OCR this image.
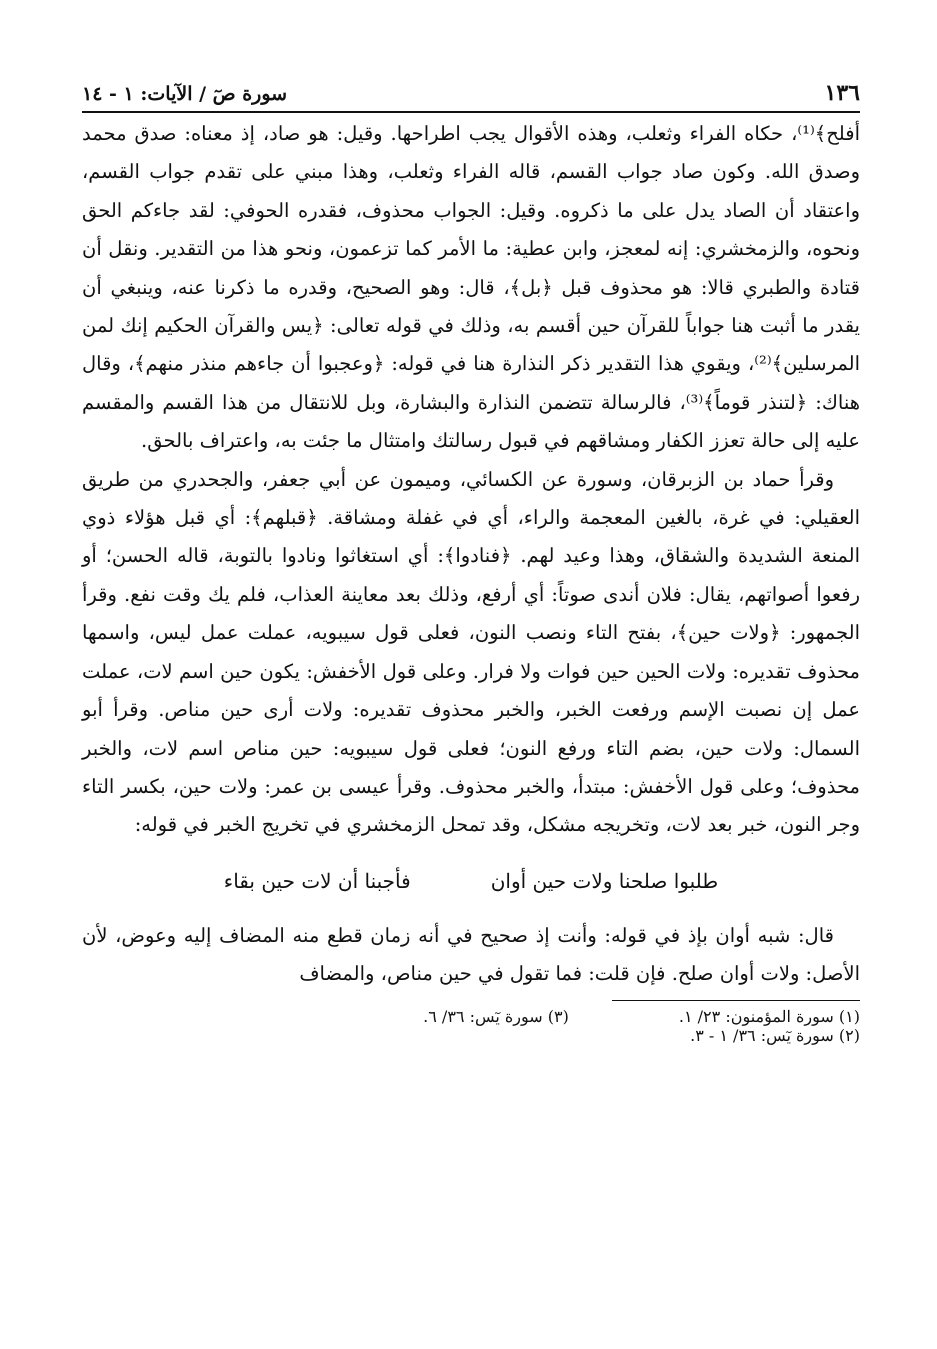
١٣٦
سورة صٓ / الآيات: ١ - ١٤

أفلح﴾⁽¹⁾، حكاه الفراء وثعلب، وهذه الأقوال يجب اطراحها. وقيل: هو صاد، إذ معناه: صدق محمد وصدق الله. وكون صاد جواب القسم، قاله الفراء وثعلب، وهذا مبني على تقدم جواب القسم، واعتقاد أن الصاد يدل على ما ذكروه. وقيل: الجواب محذوف، فقدره الحوفي: لقد جاءكم الحق ونحوه، والزمخشري: إنه لمعجز، وابن عطية: ما الأمر كما تزعمون، ونحو هذا من التقدير. ونقل أن قتادة والطبري قالا: هو محذوف قبل ﴿بل﴾، قال: وهو الصحيح، وقدره ما ذكرنا عنه، وينبغي أن يقدر ما أثبت هنا جواباً للقرآن حين أقسم به، وذلك في قوله تعالى: ﴿يس والقرآن الحكيم إنك لمن المرسلين﴾⁽²⁾، ويقوي هذا التقدير ذكر النذارة هنا في قوله: ﴿وعجبوا أن جاءهم منذر منهم﴾، وقال هناك: ﴿لتنذر قوماً﴾⁽³⁾، فالرسالة تتضمن النذارة والبشارة، وبل للانتقال من هذا القسم والمقسم عليه إلى حالة تعزز الكفار ومشاقهم في قبول رسالتك وامتثال ما جئت به، واعتراف بالحق.

وقرأ حماد بن الزبرقان، وسورة عن الكسائي، وميمون عن أبي جعفر، والجحدري من طريق العقيلي: في غرة، بالغين المعجمة والراء، أي في غفلة ومشاقة. ﴿قبلهم﴾: أي قبل هؤلاء ذوي المنعة الشديدة والشقاق، وهذا وعيد لهم. ﴿فنادوا﴾: أي استغاثوا ونادوا بالتوبة، قاله الحسن؛ أو رفعوا أصواتهم، يقال: فلان أندى صوتاً: أي أرفع، وذلك بعد معاينة العذاب، فلم يك وقت نفع. وقرأ الجمهور: ﴿ولات حين﴾، بفتح التاء ونصب النون، فعلى قول سيبويه، عملت عمل ليس، واسمها محذوف تقديره: ولات الحين حين فوات ولا فرار. وعلى قول الأخفش: يكون حين اسم لات، عملت عمل إن نصبت الإسم ورفعت الخبر، والخبر محذوف تقديره: ولات أرى حين مناص. وقرأ أبو السمال: ولات حين، بضم التاء ورفع النون؛ فعلى قول سيبويه: حين مناص اسم لات، والخبر محذوف؛ وعلى قول الأخفش: مبتدأ، والخبر محذوف. وقرأ عيسى بن عمر: ولات حين، بكسر التاء وجر النون، خبر بعد لات، وتخريجه مشكل، وقد تمحل الزمخشري في تخريج الخبر في قوله:

طلبوا صلحنا ولات حين أوان
فأجبنا أن لات حين بقاء

قال: شبه أوان بإذ في قوله: وأنت إذ صحيح في أنه زمان قطع منه المضاف إليه وعوض، لأن الأصل: ولات أوان صلح. فإن قلت: فما تقول في حين مناص، والمضاف

(١) سورة المؤمنون: ٢٣/ ١.
(٣) سورة يٓس: ٣٦/ ٦.
(٢) سورة يٓس: ٣٦/ ١ - ٣.
